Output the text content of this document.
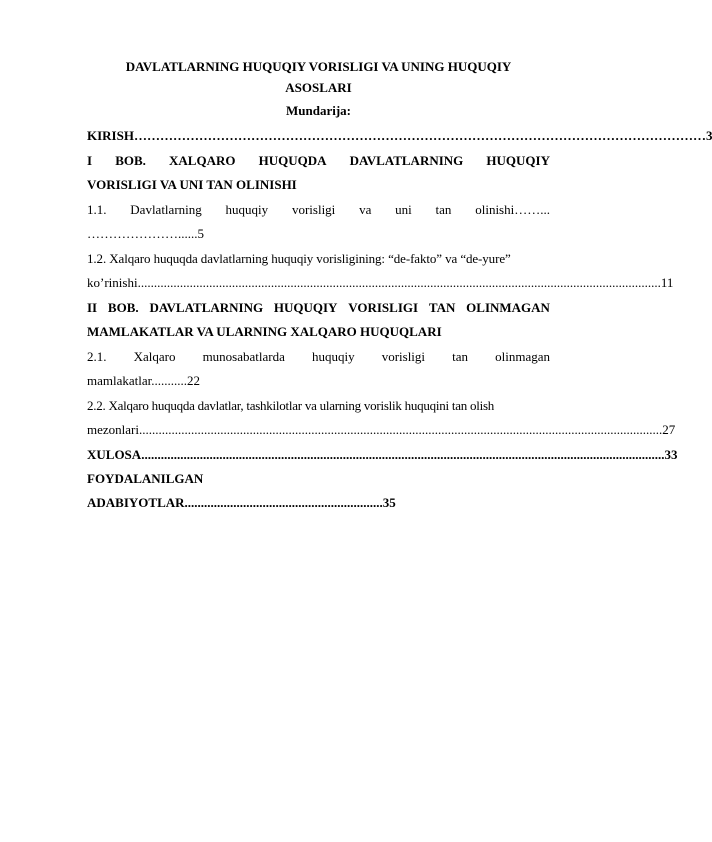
DAVLATLARNING HUQUQIY VORISLIGI VA UNING HUQUQIY
ASOSLARI
Mundarija:
KIRISH …………………………………………………………………………………………………………………… 3
I BOB. XALQARO HUQUQDA DAVLATLARNING HUQUQIY
VORISLIGI VA UNI TAN OLINISHI
1.1. Davlatlarning huquqiy vorisligi va uni tan olinishi……...
…………………......5
1.2. Xalqaro huquqda davlatlarning huquqiy vorisligining: “de-fakto” va “de-yure”
ko’rinishi ................................................................................................................................................................. 11
II BOB. DAVLATLARNING HUQUQIY VORISLIGI TAN OLINMAGAN
MAMLAKATLAR VA ULARNING XALQARO HUQUQLARI
2.1. Xalqaro munosabatlarda huquqiy vorisligi tan olinmagan
mamlakatlar...........22
2.2. Xalqaro huquqda davlatlar, tashkilotlar va ularning vorislik huquqini tan olish
mezonlari ................................................................................................................................................................. 27
XULOSA ................................................................................................................................................................. 33
FOYDALANILGAN
ADABIYOTLAR.............................................................35
